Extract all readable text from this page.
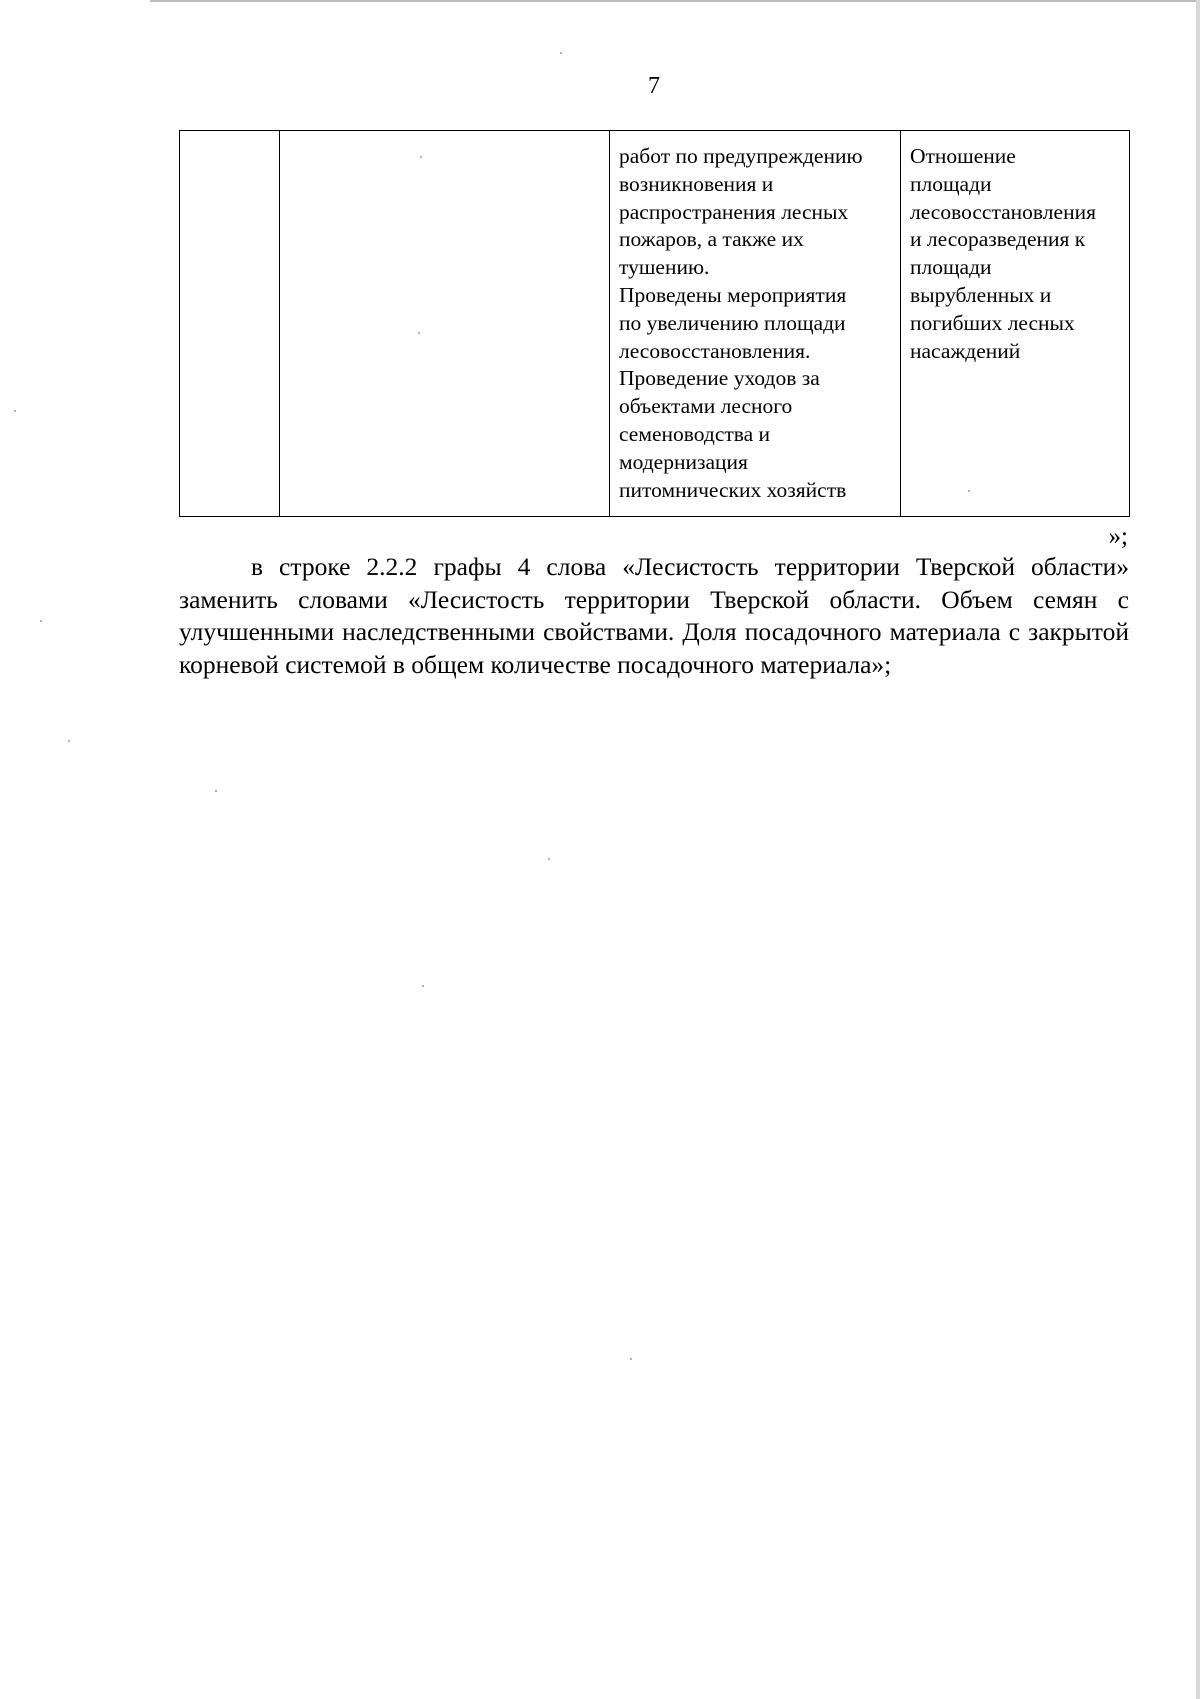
7
		работ по предупреждению
возникновения и
распространения лесных
пожаров, а также их
тушению.
Проведены мероприятия
по увеличению площади
лесовосстановления.
Проведение уходов за
объектами лесного
семеноводства и
модернизация
питомнических хозяйств	Отношение
площади
лесовосстановления
и лесоразведения к
площади
вырубленных и
погибших лесных
насаждений
»;

в строке 2.2.2 графы 4 слова «Лесистость территории Тверской области» заменить словами «Лесистость территории Тверской области. Объем семян с улучшенными наследственными свойствами. Доля посадочного материала с закрытой корневой системой в общем количестве посадочного материала»;
